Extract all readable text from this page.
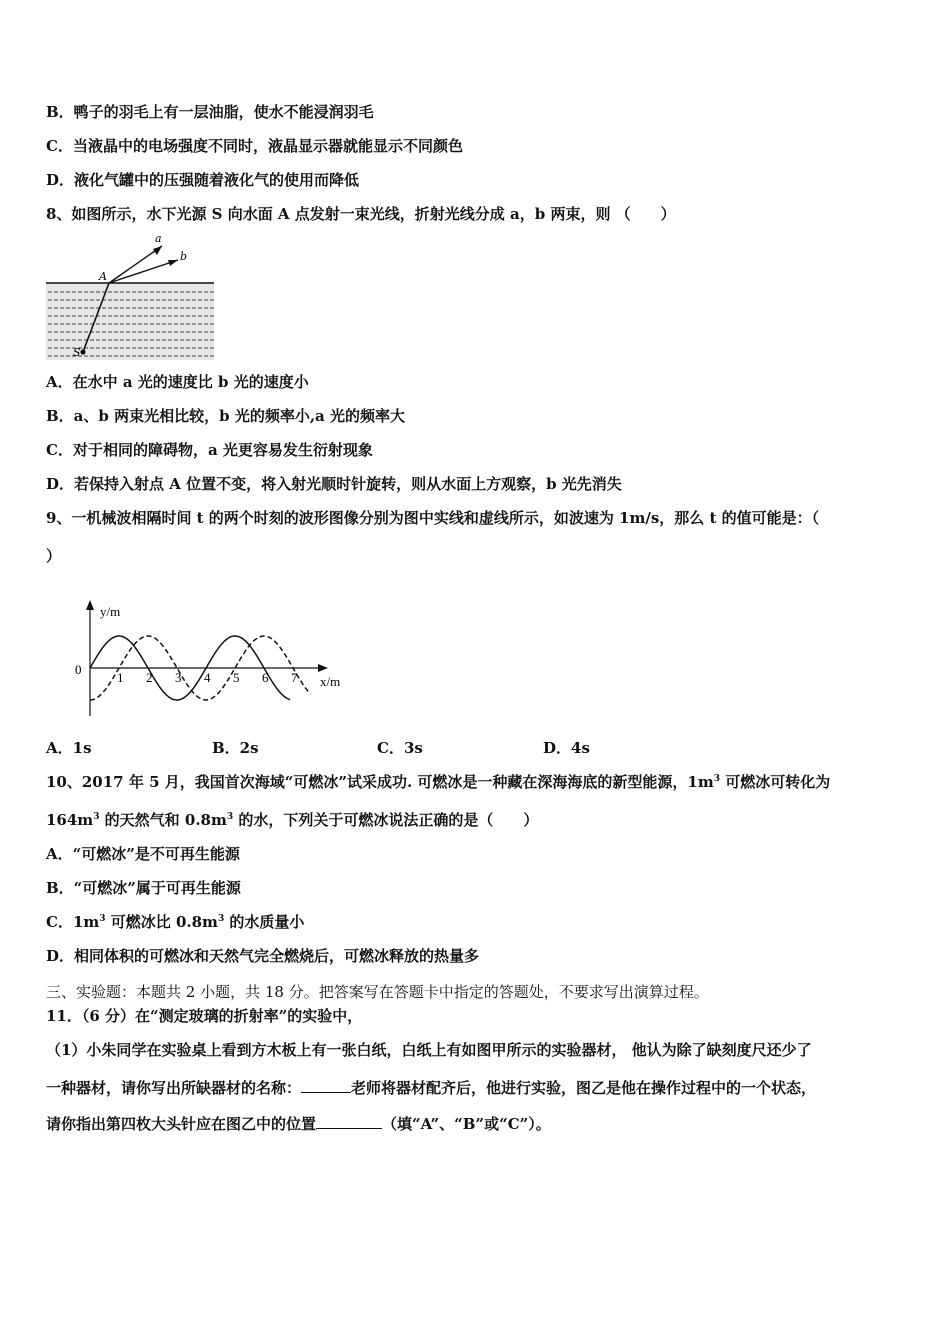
B．鸭子的羽毛上有一层油脂，使水不能浸润羽毛
C．当液晶中的电场强度不同时，液晶显示器就能显示不同颜色
D．液化气罐中的压强随着液化气的使用而降低
8、如图所示，水下光源 S 向水面 A 点发射一束光线，折射光线分成 a，b 两束，则 （　　）
a
b
A
S
A．在水中 a 光的速度比 b 光的速度小
B．a、b 两束光相比较，b 光的频率小,a 光的频率大
C．对于相同的障碍物，a 光更容易发生衍射现象
D．若保持入射点 A 位置不变，将入射光顺时针旋转，则从水面上方观察，b 光先消失
9、一机械波相隔时间 t 的两个时刻的波形图像分别为图中实线和虚线所示，如波速为 1m/s，那么 t 的值可能是：（
）
y/m
x/m
0
1 2 3 4 5 6 7
A．1s	B．2s	C．3s	D．4s
10、2017 年 5 月，我国首次海域“可燃冰”试采成功. 可燃冰是一种藏在深海海底的新型能源，$1m^3$ 可燃冰可转化为
$164m^3$ 的天然气和 $0.8m^3$ 的水，下列关于可燃冰说法正确的是（　　）
A．“可燃冰”是不可再生能源
B．“可燃冰”属于可再生能源
C．$1m^3$ 可燃冰比 $0.8m^3$ 的水质量小
D．相同体积的可燃冰和天然气完全燃烧后，可燃冰释放的热量多
三、实验题：本题共 2 小题，共 18 分。把答案写在答题卡中指定的答题处，不要求写出演算过程。
11．（6 分）在“测定玻璃的折射率”的实验中，
（1）小朱同学在实验桌上看到方木板上有一张白纸，白纸上有如图甲所示的实验器材， 他认为除了缺刻度尺还少了
一种器材，请你写出所缺器材的名称：	老师将器材配齐后，他进行实验，图乙是他在操作过程中的一个状态，
请你指出第四枚大头针应在图乙中的位置	（填“A”、“B”或“C”）。
